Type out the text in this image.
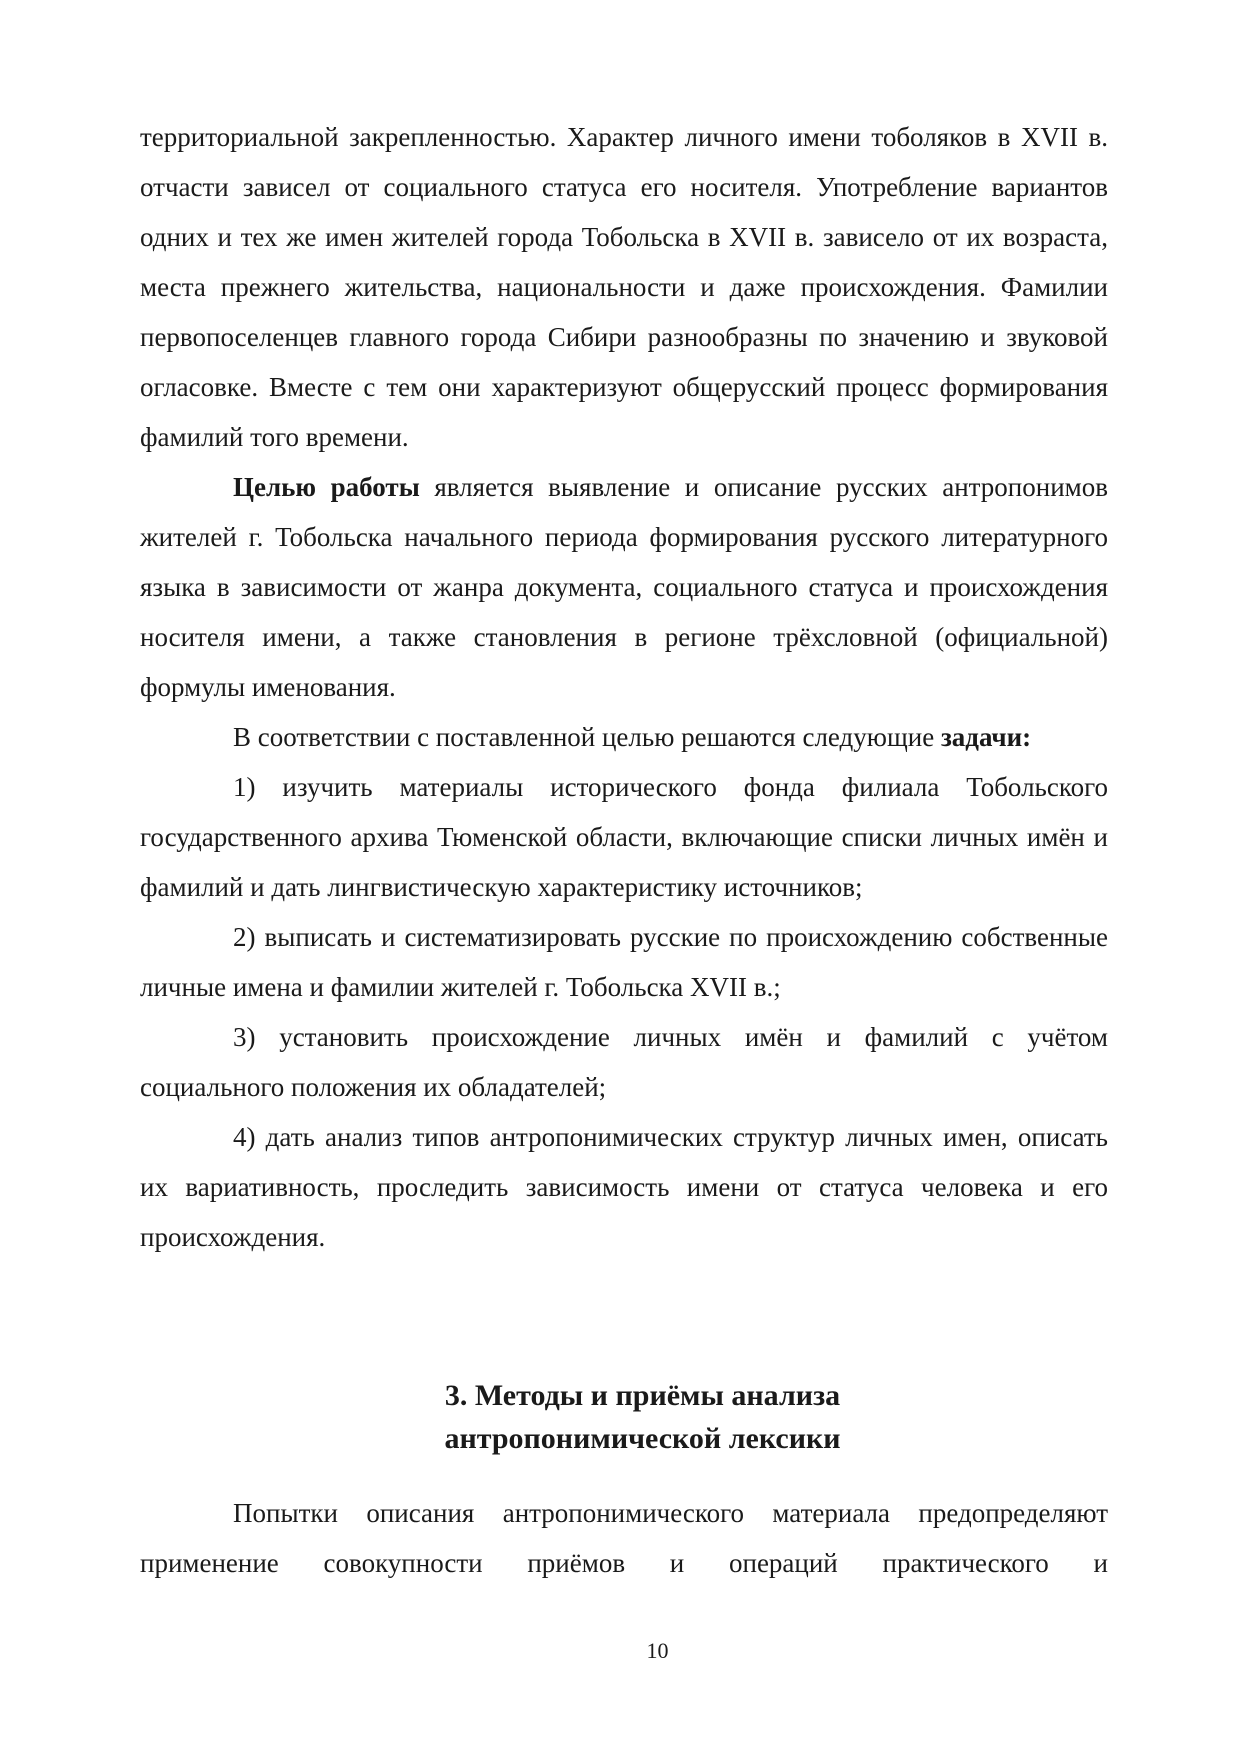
территориальной закрепленностью. Характер личного имени тоболяков в XVII в. отчасти зависел от социального статуса его носителя. Употребление вариантов одних и тех же имен жителей города Тобольска в XVII в. зависело от их возраста, места прежнего жительства, национальности и даже происхождения. Фамилии первопоселенцев главного города Сибири разнообразны по значению и звуковой огласовке. Вместе с тем они характеризуют общерусский процесс формирования фамилий того времени.

Целью работы является выявление и описание русских антропонимов жителей г. Тобольска начального периода формирования русского литературного языка в зависимости от жанра документа, социального статуса и происхождения носителя имени, а также становления в регионе трёхсловной (официальной) формулы именования.

В соответствии с поставленной целью решаются следующие задачи:

1) изучить материалы исторического фонда филиала Тобольского государственного архива Тюменской области, включающие списки личных имён и фамилий и дать лингвистическую характеристику источников;

2) выписать и систематизировать русские по происхождению собственные личные имена и фамилии жителей г. Тобольска XVII в.;

3) установить происхождение личных имён и фамилий с учётом социального положения их обладателей;

4) дать анализ типов антропонимических структур личных имен, описать их вариативность, проследить зависимость имени от статуса человека и его происхождения.

3. Методы и приёмы анализа
антропонимической лексики

Попытки описания антропонимического материала предопределяют применение совокупности приёмов и операций практического и

10
